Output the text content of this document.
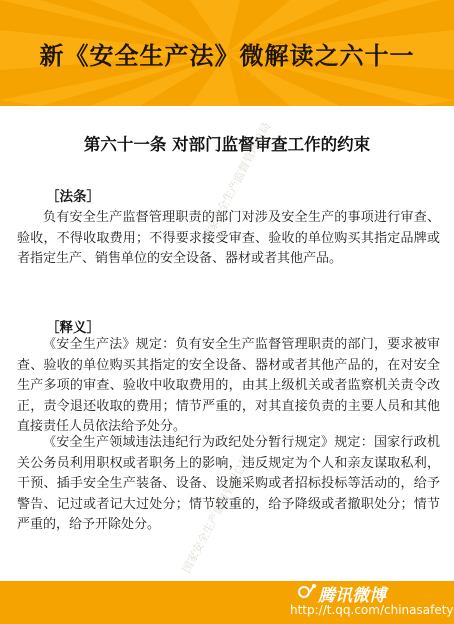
新《安全生产法》微解读之六十一
第六十一条 对部门监督审查工作的约束
国家安全生产监督管理总局
国家安全生产监督管理总局
［法条］

负有安全生产监督管理职责的部门对涉及安全生产的事项进行审查、验收，不得收取费用；不得要求接受审查、验收的单位购买其指定品牌或者指定生产、销售单位的安全设备、器材或者其他产品。

［释义］

《安全生产法》规定：负有安全生产监督管理职责的部门，要求被审查、验收的单位购买其指定的安全设备、器材或者其他产品的，在对安全生产多项的审查、验收中收取费用的，由其上级机关或者监察机关责令改正，责令退还收取的费用；情节严重的，对其直接负责的主要人员和其他直接责任人员依法给予处分。

《安全生产领域违法违纪行为政纪处分暂行规定》规定：国家行政机关公务员利用职权或者职务上的影响，违反规定为个人和亲友谋取私利，干预、插手安全生产装备、设备、设施采购或者招标投标等活动的，给予警告、记过或者记大过处分；情节较重的，给予降级或者撤职处分；情节严重的，给予开除处分。

腾讯微博
http://t.qq.com/chinasafety
